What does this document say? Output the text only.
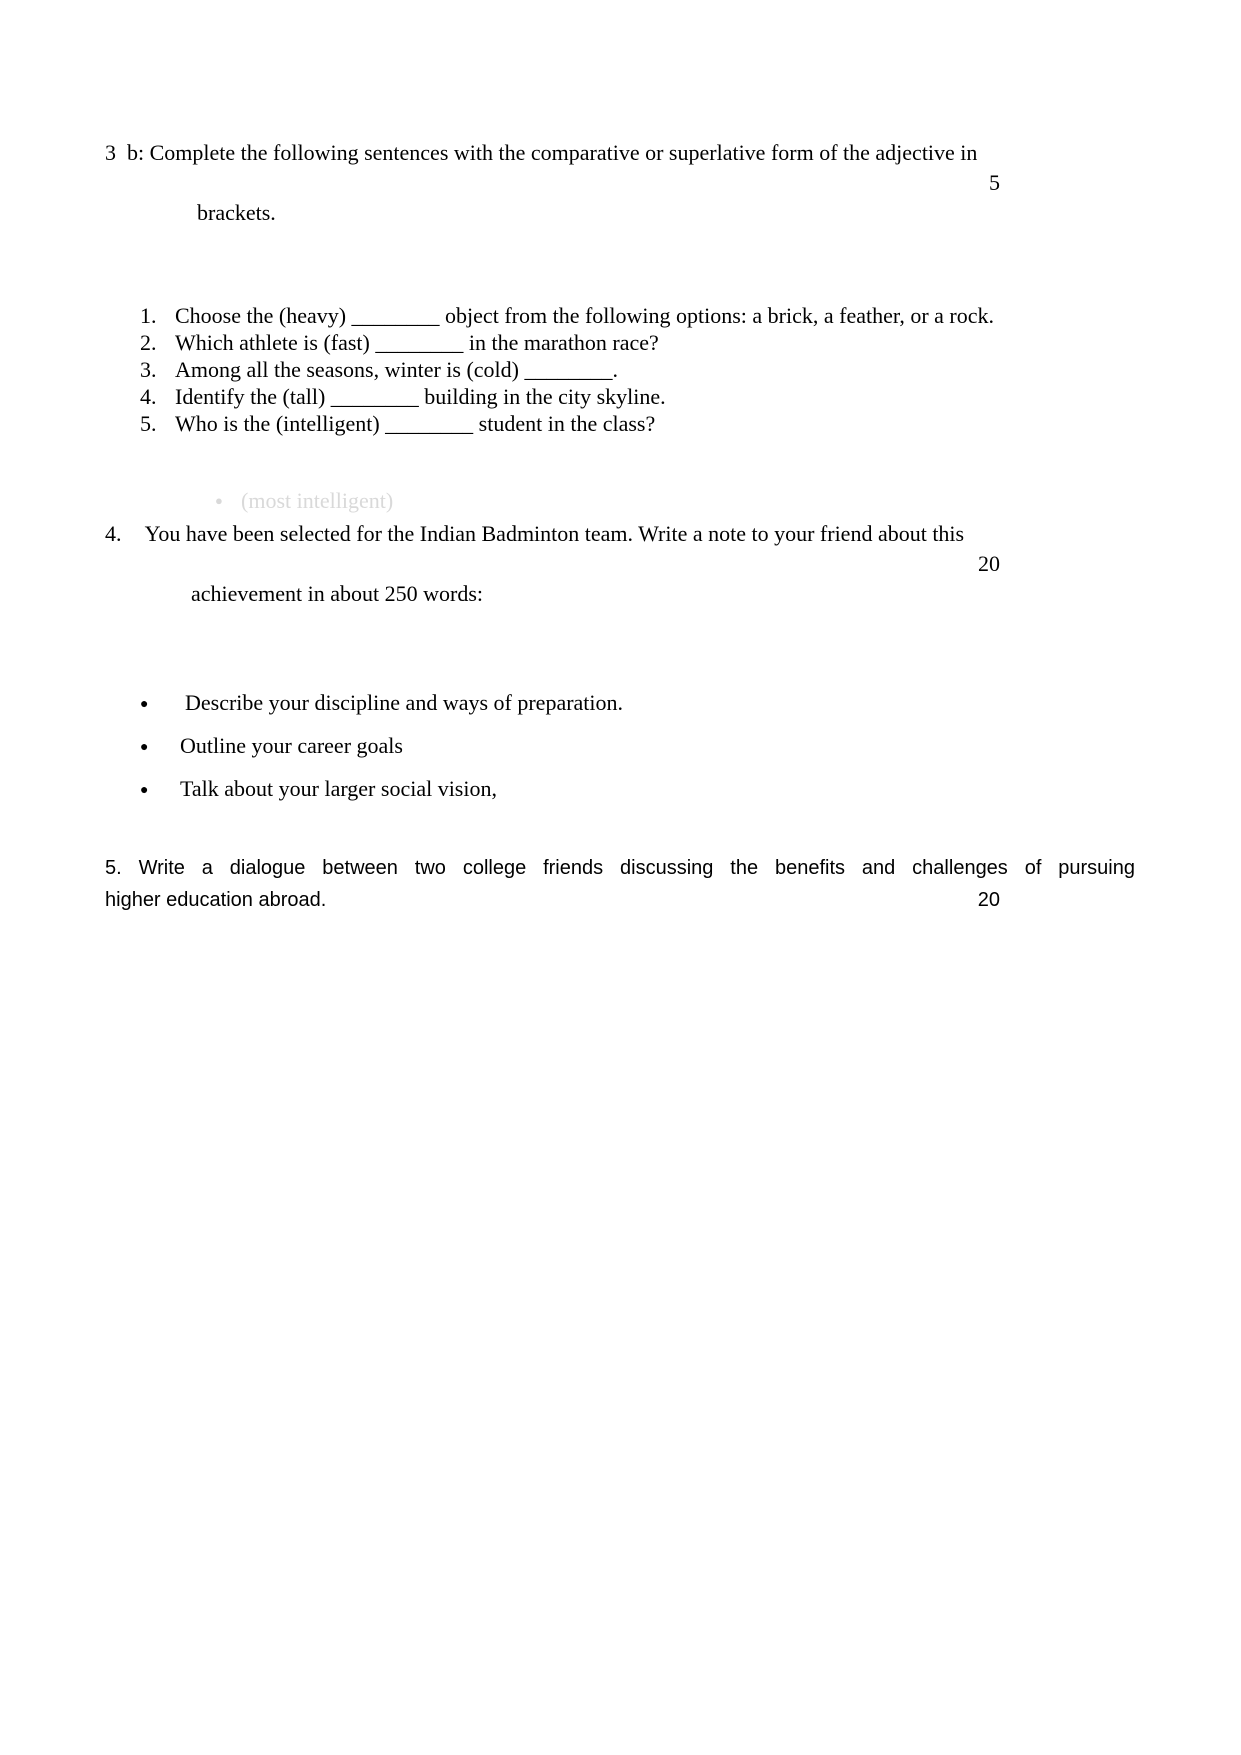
3  b: Complete the following sentences with the comparative or superlative form of the adjective in

brackets.

5

1. Choose the (heavy) ________ object from the following options: a brick, a feather, or a rock.
2. Which athlete is (fast) ________ in the marathon race?
3. Among all the seasons, winter is (cold) ________.
4. Identify the (tall) ________ building in the city skyline.
5. Who is the (intelligent) ________ student in the class?
● (most intelligent)
4. You have been selected for the Indian Badminton team. Write a note to your friend about this

achievement in about 250 words:

20

●	Describe your discipline and ways of preparation.
●	Outline your career goals
●	Talk about your larger social vision,
5. Write a dialogue between two college friends discussing the benefits and challenges of pursuing
higher education abroad.	20
